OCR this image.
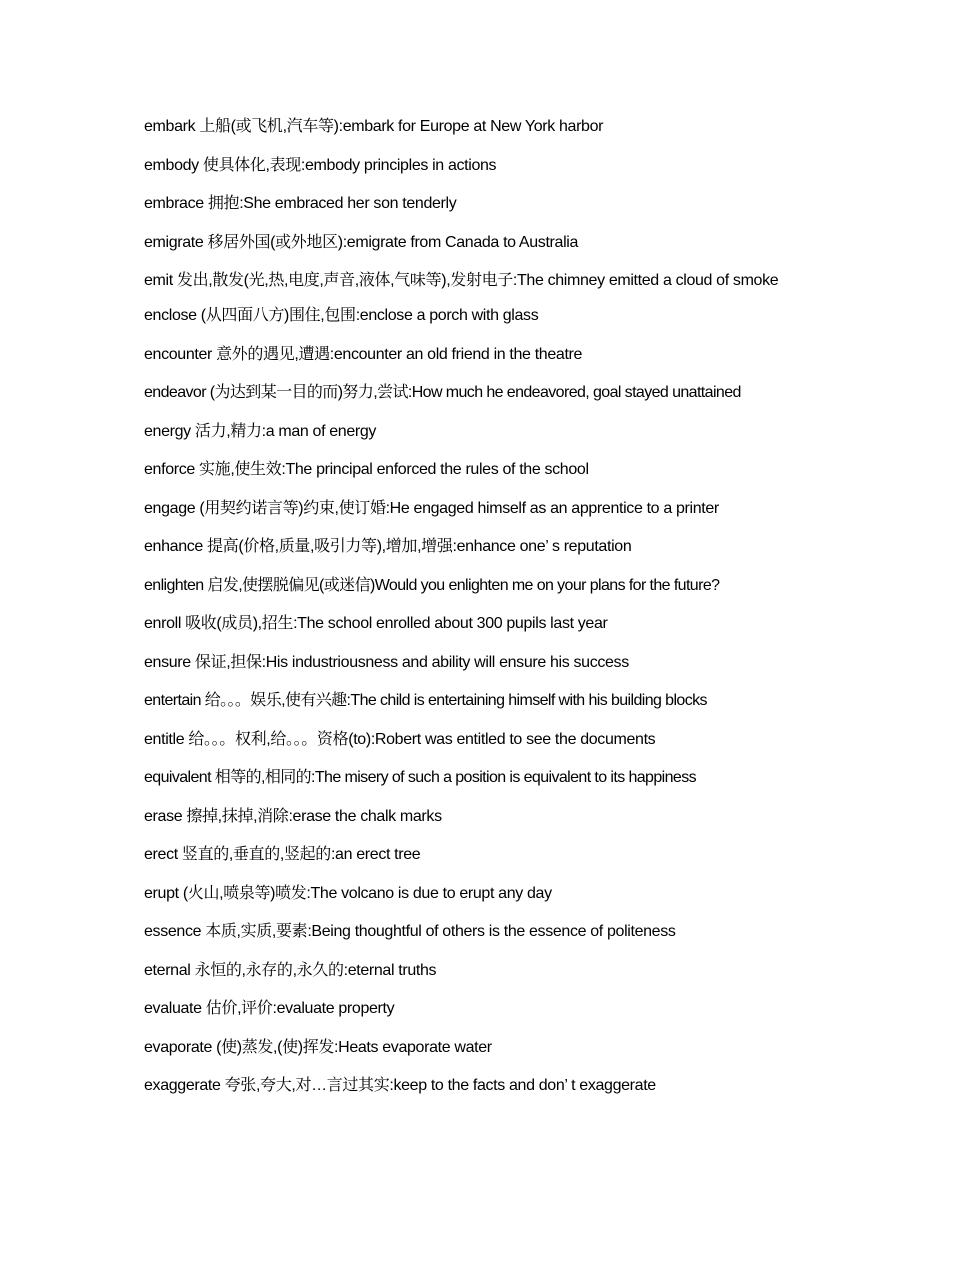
embark 上船(或飞机,汽车等):embark for Europe at New York harbor
embody 使具体化,表现:embody principles in actions
embrace 拥抱:She embraced her son tenderly
emigrate 移居外国(或外地区):emigrate from Canada to Australia
emit 发出,散发(光,热,电度,声音,液体,气味等),发射电子:The chimney emitted a cloud of smoke
enclose (从四面八方)围住,包围:enclose a porch with glass
encounter 意外的遇见,遭遇:encounter an old friend in the theatre
endeavor (为达到某一目的而)努力,尝试:How much he endeavored, goal stayed unattained
energy 活力,精力:a man of energy
enforce 实施,使生效:The principal enforced the rules of the school
engage (用契约诺言等)约束,使订婚:He engaged himself as an apprentice to a printer
enhance 提高(价格,质量,吸引力等),增加,增强:enhance one’ s reputation
enlighten 启发,使摆脱偏见(或迷信)Would you enlighten me on your plans for the future?
enroll 吸收(成员),招生:The school enrolled about 300 pupils last year
ensure 保证,担保:His industriousness and ability will ensure his success
entertain 给。。。娱乐,使有兴趣:The child is entertaining himself with his building blocks
entitle 给。。。权利,给。。。资格(to):Robert was entitled to see the documents
equivalent 相等的,相同的:The misery of such a position is equivalent to its happiness
erase 擦掉,抹掉,消除:erase the chalk marks
erect 竖直的,垂直的,竖起的:an erect tree
erupt (火山,喷泉等)喷发:The volcano is due to erupt any day
essence 本质,实质,要素:Being thoughtful of others is the essence of politeness
eternal 永恒的,永存的,永久的:eternal truths
evaluate 估价,评价:evaluate property
evaporate (使)蒸发,(使)挥发:Heats evaporate water
exaggerate 夸张,夸大,对…言过其实:keep to the facts and don’ t exaggerate
